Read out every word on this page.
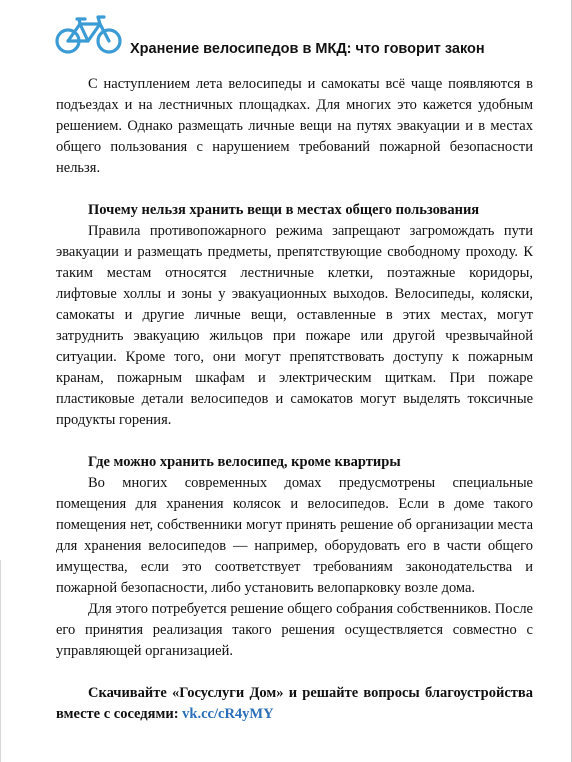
Хранение велосипедов в МКД: что говорит закон

С наступлением лета велосипеды и самокаты всё чаще появляются в подъездах и на лестничных площадках. Для многих это кажется удобным решением. Однако размещать личные вещи на путях эвакуации и в местах общего пользования с нарушением требований пожарной безопасности нельзя.

Почему нельзя хранить вещи в местах общего пользования

Правила противопожарного режима запрещают загромождать пути эвакуации и размещать предметы, препятствующие свободному проходу. К таким местам относятся лестничные клетки, поэтажные коридоры, лифтовые холлы и зоны у эвакуационных выходов. Велосипеды, коляски, самокаты и другие личные вещи, оставленные в этих местах, могут затруднить эвакуацию жильцов при пожаре или другой чрезвычайной ситуации. Кроме того, они могут препятствовать доступу к пожарным кранам, пожарным шкафам и электрическим щиткам. При пожаре пластиковые детали велосипедов и самокатов могут выделять токсичные продукты горения.

Где можно хранить велосипед, кроме квартиры

Во многих современных домах предусмотрены специальные помещения для хранения колясок и велосипедов. Если в доме такого помещения нет, собственники могут принять решение об организации места для хранения велосипедов — например, оборудовать его в части общего имущества, если это соответствует требованиям законодательства и пожарной безопасности, либо установить велопарковку возле дома.

Для этого потребуется решение общего собрания собственников. После его принятия реализация такого решения осуществляется совместно с управляющей организацией.

Скачивайте «Госуслуги Дом» и решайте вопросы благоустройства вместе с соседями: vk.cc/cR4yMY
